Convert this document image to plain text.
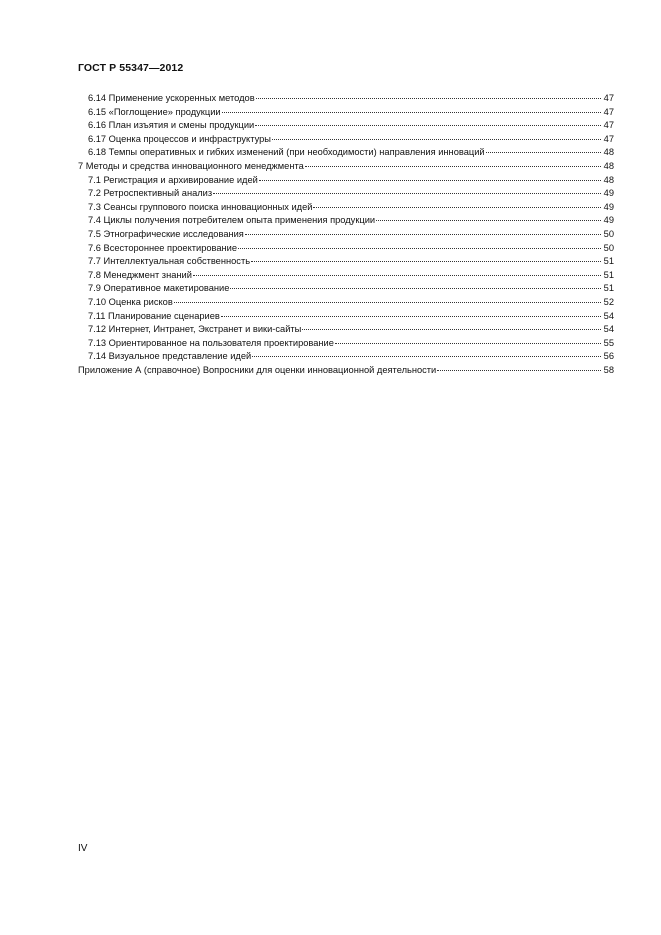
ГОСТ Р 55347—2012
6.14 Применение ускоренных методов	47
6.15 «Поглощение» продукции	47
6.16 План изъятия и смены продукции	47
6.17 Оценка процессов и инфраструктуры	47
6.18 Темпы оперативных и гибких изменений (при необходимости) направления инноваций	48
7 Методы и средства инновационного менеджмента	48
7.1 Регистрация и архивирование идей	48
7.2 Ретроспективный анализ	49
7.3 Сеансы группового поиска инновационных идей	49
7.4 Циклы получения потребителем опыта применения продукции	49
7.5 Этнографические исследования	50
7.6 Всестороннее проектирование	50
7.7 Интеллектуальная собственность	51
7.8 Менеджмент знаний	51
7.9 Оперативное макетирование	51
7.10 Оценка рисков	52
7.11 Планирование сценариев	54
7.12 Интернет, Интранет, Экстранет и вики-сайты	54
7.13 Ориентированное на пользователя проектирование	55
7.14 Визуальное представление идей	56
Приложение А (справочное) Вопросники для оценки инновационной деятельности	58
IV
